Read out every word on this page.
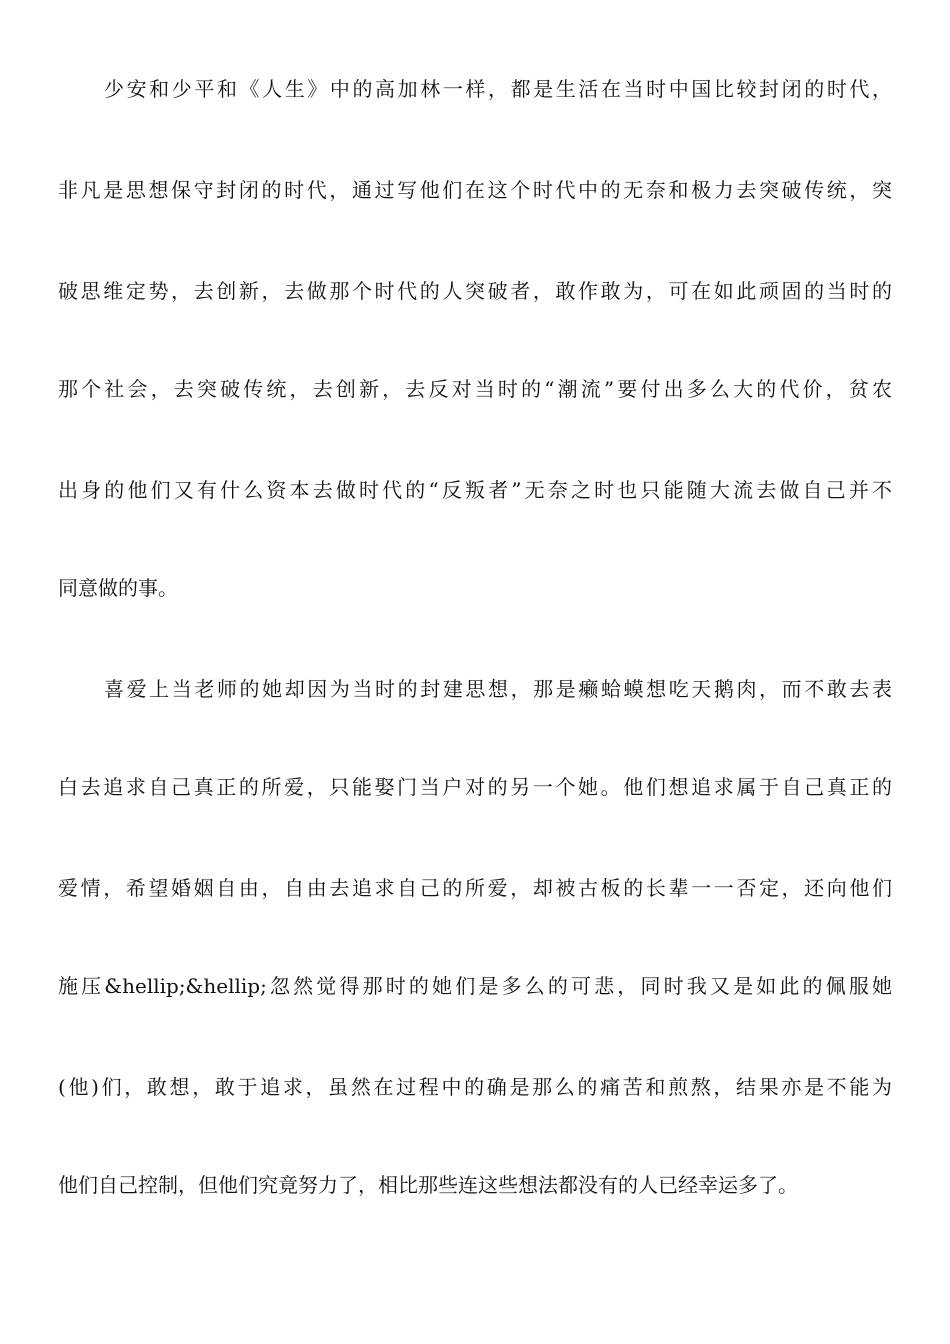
少安和少平和《人生》中的高加林一样，都是生活在当时中国比较封闭的时代，
非凡是思想保守封闭的时代，通过写他们在这个时代中的无奈和极力去突破传统，突
破思维定势，去创新，去做那个时代的人突破者，敢作敢为，可在如此顽固的当时的
那个社会，去突破传统，去创新，去反对当时的“潮流”要付出多么大的代价，贫农
出身的他们又有什么资本去做时代的“反叛者”无奈之时也只能随大流去做自己并不
同意做的事。
喜爱上当老师的她却因为当时的封建思想，那是癞蛤蟆想吃天鹅肉，而不敢去表
白去追求自己真正的所爱，只能娶门当户对的另一个她。他们想追求属于自己真正的
爱情，希望婚姻自由，自由去追求自己的所爱，却被古板的长辈一一否定，还向他们
施压&hellip;&hellip;忽然觉得那时的她们是多么的可悲，同时我又是如此的佩服她
(他)们，敢想，敢于追求，虽然在过程中的确是那么的痛苦和煎熬，结果亦是不能为
他们自己控制，但他们究竟努力了，相比那些连这些想法都没有的人已经幸运多了。
